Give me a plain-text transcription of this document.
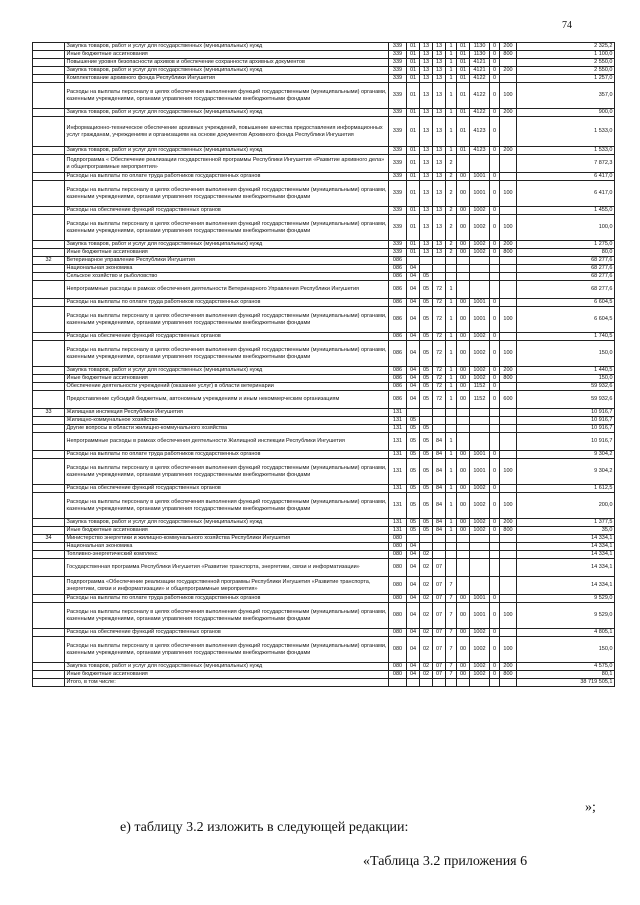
74
	Закупка товаров, работ и услуг для государственных (муниципальных) нужд	339	01	13	13	1	01	1130	0	200	2 325,2
	Иные бюджетные ассигнования	339	01	13	13	1	01	1130	0	800	1 100,0
	Повышение уровня безопасности архивов и обеспечение сохранности архивных документов	339	01	13	13	1	01	4121	0		2 550,0
	Закупка товаров, работ и услуг для государственных (муниципальных) нужд	339	01	13	13	1	01	4121	0	200	2 550,0
	Комплектование архивного фонда Республики Ингушетия	339	01	13	13	1	01	4122	0		1 257,0
	Расходы на выплаты персоналу в целях обеспечения выполнения функций государственными (муниципальными) органами, казенными учреждениями, органами управления государственными внебюджетными фондами	339	01	13	13	1	01	4122	0	100	357,0
	Закупка товаров, работ и услуг для государственных (муниципальных) нужд	339	01	13	13	1	01	4122	0	200	900,0
	Информационно-техническое обеспечение архивных учреждений, повышение качества предоставления информационных услуг гражданам, учреждениям и организациям на основе документов Архивного фонда Республики Ингушетия	339	01	13	13	1	01	4123	0		1 533,0
	Закупка товаров, работ и услуг для государственных (муниципальных) нужд	339	01	13	13	1	01	4123	0	200	1 533,0
	Подпрограмма « Обеспечение реализации государственной программы Республики Ингушетия «Развитие архивного дела» и общепрограммные мероприятия»	339	01	13	13	2					7 872,3
	Расходы на выплаты по оплате труда работников государственных органов	339	01	13	13	2	00	1001	0		6 417,0
	Расходы на выплаты персоналу в целях обеспечения выполнения функций государственными (муниципальными) органами, казенными учреждениями, органами управления государственными внебюджетными фондами	339	01	13	13	2	00	1001	0	100	6 417,0
	Расходы на обеспечение функций государственных органов	339	01	13	13	2	00	1002	0		1 455,0
	Расходы на выплаты персоналу в целях обеспечения выполнения функций государственными (муниципальными) органами, казенными учреждениями, органами управления государственными внебюджетными фондами	339	01	13	13	2	00	1002	0	100	100,0
	Закупка товаров, работ и услуг для государственных (муниципальных) нужд	339	01	13	13	2	00	1002	0	200	1 275,0
	Иные бюджетные ассигнования	339	01	13	13	2	00	1002	0	800	80,0
32	Ветеринарное управление Республики Ингушетия	086									68 277,6
	Национальная экономика	086	04								68 277,6
	Сельское хозяйство и рыболовство	086	04	05							68 277,6
	Непрограммные расходы в рамках обеспечения деятельности Ветеринарного Управления Республики Ингушетия	086	04	05	72	1					68 277,6
	Расходы на выплаты по оплате труда работников государственных органов	086	04	05	72	1	00	1001	0		6 604,5
	Расходы на выплаты персоналу в целях обеспечения выполнения функций государственными (муниципальными) органами, казенными учреждениями, органами управления государственными внебюджетными фондами	086	04	05	72	1	00	1001	0	100	6 604,5
	Расходы на обеспечение функций государственных органов	086	04	05	72	1	00	1002	0		1 740,5
	Расходы на выплаты персоналу в целях обеспечения выполнения функций государственными (муниципальными) органами, казенными учреждениями, органами управления государственными внебюджетными фондами	086	04	05	72	1	00	1002	0	100	150,0
	Закупка товаров, работ и услуг для государственных (муниципальных) нужд	086	04	05	72	1	00	1002	0	200	1 440,5
	Иные бюджетные ассигнования	086	04	05	72	1	00	1002	0	800	150,0
	Обеспечение деятельности учреждений (оказание услуг) в области ветеринарии	086	04	05	72	1	00	1152	0		59 932,6
	Предоставление субсидий бюджетным, автономным учреждениям и иным некоммерческим организациям	086	04	05	72	1	00	1152	0	600	59 932,6
33	Жилищная инспекция Республики Ингушетия	131									10 916,7
	Жилищно-коммунальное хозяйство	131	05								10 916,7
	Другие вопросы в области жилищно-коммунального хозяйства	131	05	05							10 916,7
	Непрограммные расходы в рамках обеспечения деятельности Жилищной инспекции Республики Ингушетия	131	05	05	84	1					10 916,7
	Расходы на выплаты по оплате труда работников государственных органов	131	05	05	84	1	00	1001	0		9 304,2
	Расходы на выплаты персоналу в целях обеспечения выполнения функций государственными (муниципальными) органами, казенными учреждениями, органами управления государственными внебюджетными фондами	131	05	05	84	1	00	1001	0	100	9 304,2
	Расходы на обеспечение функций государственных органов	131	05	05	84	1	00	1002	0		1 612,5
	Расходы на выплаты персоналу в целях обеспечения выполнения функций государственными (муниципальными) органами, казенными учреждениями, органами управления государственными внебюджетными фондами	131	05	05	84	1	00	1002	0	100	200,0
	Закупка товаров, работ и услуг для государственных (муниципальных) нужд	131	05	05	84	1	00	1002	0	200	1 377,5
	Иные бюджетные ассигнования	131	05	05	84	1	00	1002	0	800	35,0
34	Министерство энергетики и жилищно-коммунального хозяйства Республики Ингушетия	080									14 334,1
	Национальная экономика	080	04								14 334,1
	Топливно-энергетический комплекс	080	04	02							14 334,1
	Государственная программа Республики Ингушетия «Развитие транспорта, энергетики, связи и информатизации»	080	04	02	07						14 334,1
	Подпрограмма «Обеспечение реализации государственной программы Республики Ингушетия «Развитие транспорта, энергетики, связи и информатизации» и общепрограммные мероприятия»	080	04	02	07	7					14 334,1
	Расходы на выплаты по оплате труда работников государственных органов	080	04	02	07	7	00	1001	0		9 529,0
	Расходы на выплаты персоналу в целях обеспечения выполнения функций государственными (муниципальными) органами, казенными учреждениями, органами управления государственными внебюджетными фондами	080	04	02	07	7	00	1001	0	100	9 529,0
	Расходы на обеспечение функций государственных органов	080	04	02	07	7	00	1002	0		4 805,1
	Расходы на выплаты персоналу в целях обеспечения выполнения функций государственными (муниципальными) органами, казенными учреждениями, органами управления государственными внебюджетными фондами	080	04	02	07	7	00	1002	0	100	150,0
	Закупка товаров, работ и услуг для государственных (муниципальных) нужд	080	04	02	07	7	00	1002	0	200	4 575,0
	Иные бюджетные ассигнования	080	04	02	07	7	00	1002	0	800	80,1
	Итого, в том числе:										38 719 505,1
»;
е) таблицу 3.2 изложить в следующей редакции:
«Таблица 3.2 приложения 6
